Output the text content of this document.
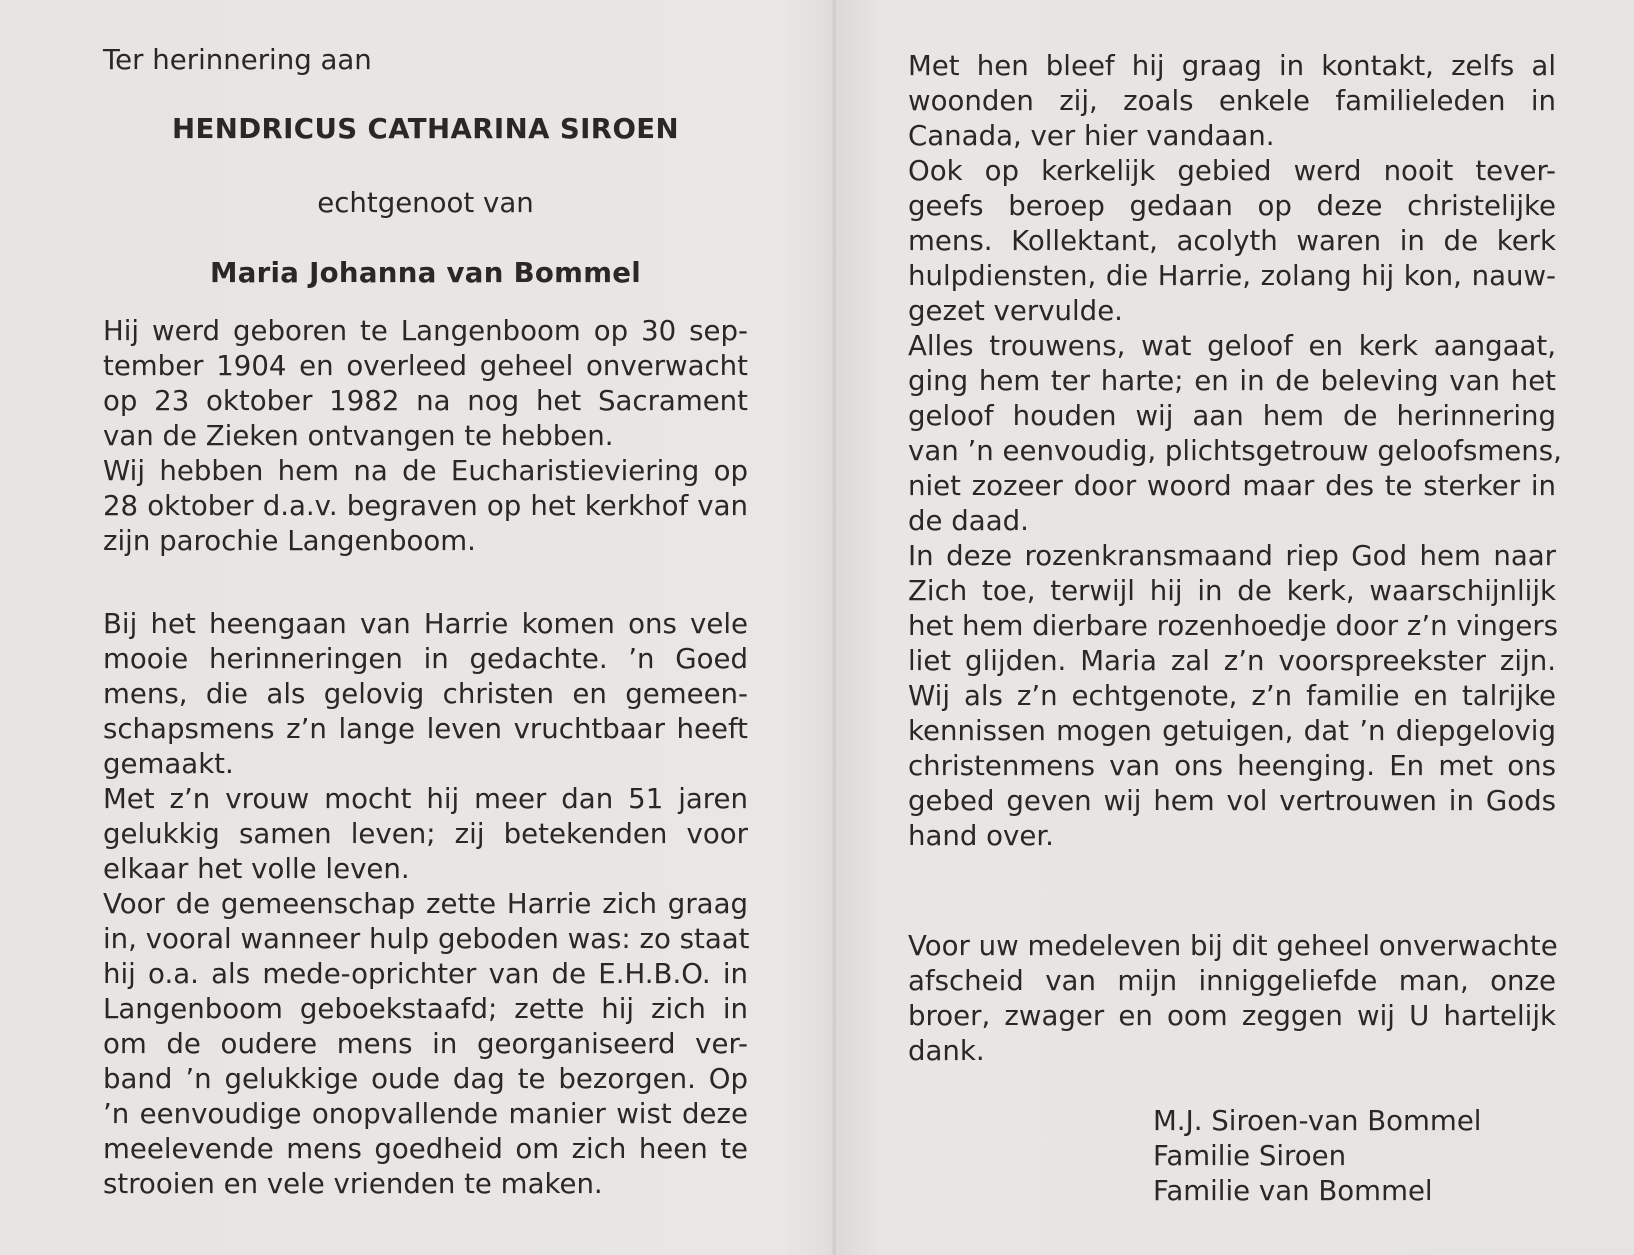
Ter herinnering aan
HENDRICUS CATHARINA SIROEN
echtgenoot van
Maria Johanna van Bommel
Hij werd geboren te Langenboom op 30 sep-
tember 1904 en overleed geheel onverwacht
op 23 oktober 1982 na nog het Sacrament
van de Zieken ontvangen te hebben.
Wij hebben hem na de Eucharistieviering op
28 oktober d.a.v. begraven op het kerkhof van
zijn parochie Langenboom.
Bij het heengaan van Harrie komen ons vele
mooie herinneringen in gedachte. ’n Goed
mens, die als gelovig christen en gemeen-
schapsmens z’n lange leven vruchtbaar heeft
gemaakt.
Met z’n vrouw mocht hij meer dan 51 jaren
gelukkig samen leven; zij betekenden voor
elkaar het volle leven.
Voor de gemeenschap zette Harrie zich graag
in, vooral wanneer hulp geboden was: zo staat
hij o.a. als mede-oprichter van de E.H.B.O. in
Langenboom geboekstaafd; zette hij zich in
om de oudere mens in georganiseerd ver-
band ’n gelukkige oude dag te bezorgen. Op
’n eenvoudige onopvallende manier wist deze
meelevende mens goedheid om zich heen te
strooien en vele vrienden te maken.
Met hen bleef hij graag in kontakt, zelfs al
woonden zij, zoals enkele familieleden in
Canada, ver hier vandaan.
Ook op kerkelijk gebied werd nooit tever-
geefs beroep gedaan op deze christelijke
mens. Kollektant, acolyth waren in de kerk
hulpdiensten, die Harrie, zolang hij kon, nauw-
gezet vervulde.
Alles trouwens, wat geloof en kerk aangaat,
ging hem ter harte; en in de beleving van het
geloof houden wij aan hem de herinnering
van ’n eenvoudig, plichtsgetrouw geloofsmens,
niet zozeer door woord maar des te sterker in
de daad.
In deze rozenkransmaand riep God hem naar
Zich toe, terwijl hij in de kerk, waarschijnlijk
het hem dierbare rozenhoedje door z’n vingers
liet glijden. Maria zal z’n voorspreekster zijn.
Wij als z’n echtgenote, z’n familie en talrijke
kennissen mogen getuigen, dat ’n diepgelovig
christenmens van ons heenging. En met ons
gebed geven wij hem vol vertrouwen in Gods
hand over.
Voor uw medeleven bij dit geheel onverwachte
afscheid van mijn inniggeliefde man, onze
broer, zwager en oom zeggen wij U hartelijk
dank.
M.J. Siroen-van Bommel
Familie Siroen
Familie van Bommel
